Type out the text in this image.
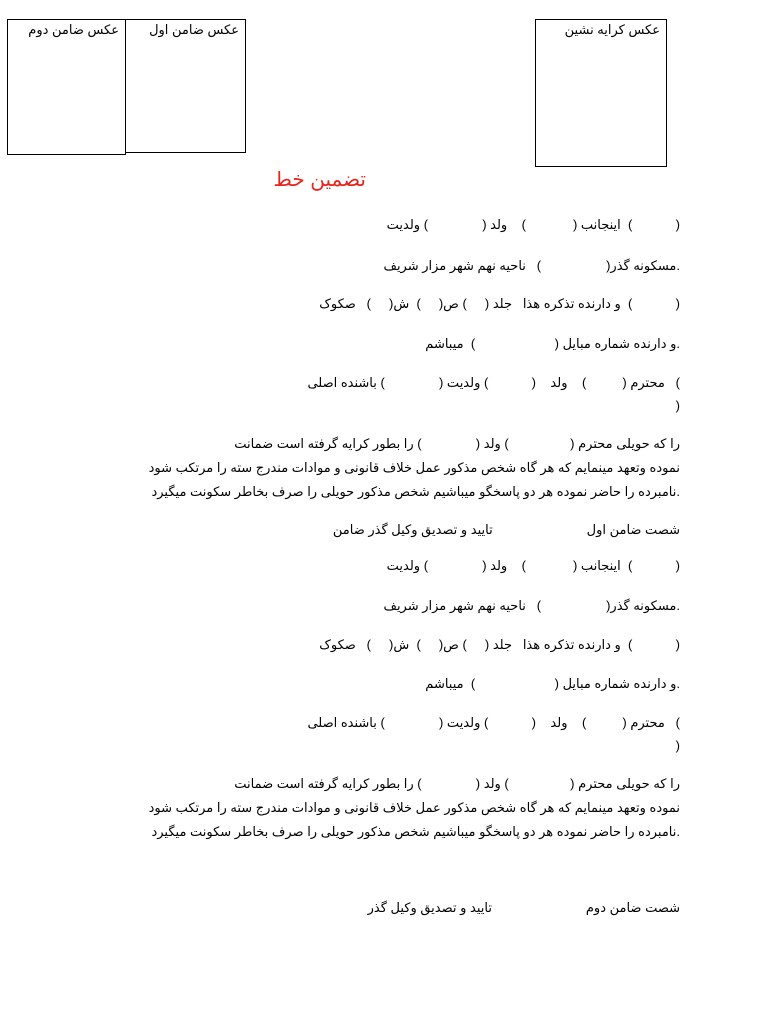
عکس ضامن دوم عکس ضامن اول	عکس کرایه نشین
تضمین خط
(            )  اینجانب (             )    ولد (               ) ولدیت
.مسکونه گذر(                  )   ناحیه نهم شهر مزار شریف
(            )  و دارنده تذکره هذا   جلد (     ) ص(     )  ش(     )   صکوک
.و دارنده شماره مبایل (                      )  میباشم
)   محترم (          )    ولد    (            ) ولدیت (               ) باشنده اصلی
)
را که حویلی محترم (                 ) ولد (               ) را بطور کرایه گرفته است ضمانت
نموده وتعهد مینمایم که هر گاه شخص مذکور عمل خلاف قانونی و موادات مندرج سته را مرتکب شود
.نامبرده را حاضر نموده هر دو پاسخگو میباشیم شخص مذکور حویلی را صرف بخاطر سکونت میگیرد
شصت ضامن اول                          تایید و تصدیق وکیل گذر ضامن
(            )  اینجانب (             )    ولد (               ) ولدیت
.مسکونه گذر(                  )   ناحیه نهم شهر مزار شریف
(            )  و دارنده تذکره هذا   جلد (     ) ص(     )  ش(     )   صکوک
.و دارنده شماره مبایل (                      )  میباشم
)   محترم (          )    ولد    (            ) ولدیت (               ) باشنده اصلی
)
را که حویلی محترم (                 ) ولد (               ) را بطور کرایه گرفته است ضمانت
نموده وتعهد مینمایم که هر گاه شخص مذکور عمل خلاف قانونی و موادات مندرج سته را مرتکب شود
.نامبرده را حاضر نموده هر دو پاسخگو میباشیم شخص مذکور حویلی را صرف بخاطر سکونت میگیرد
شصت ضامن دوم                          تایید و تصدیق وکیل گذر
